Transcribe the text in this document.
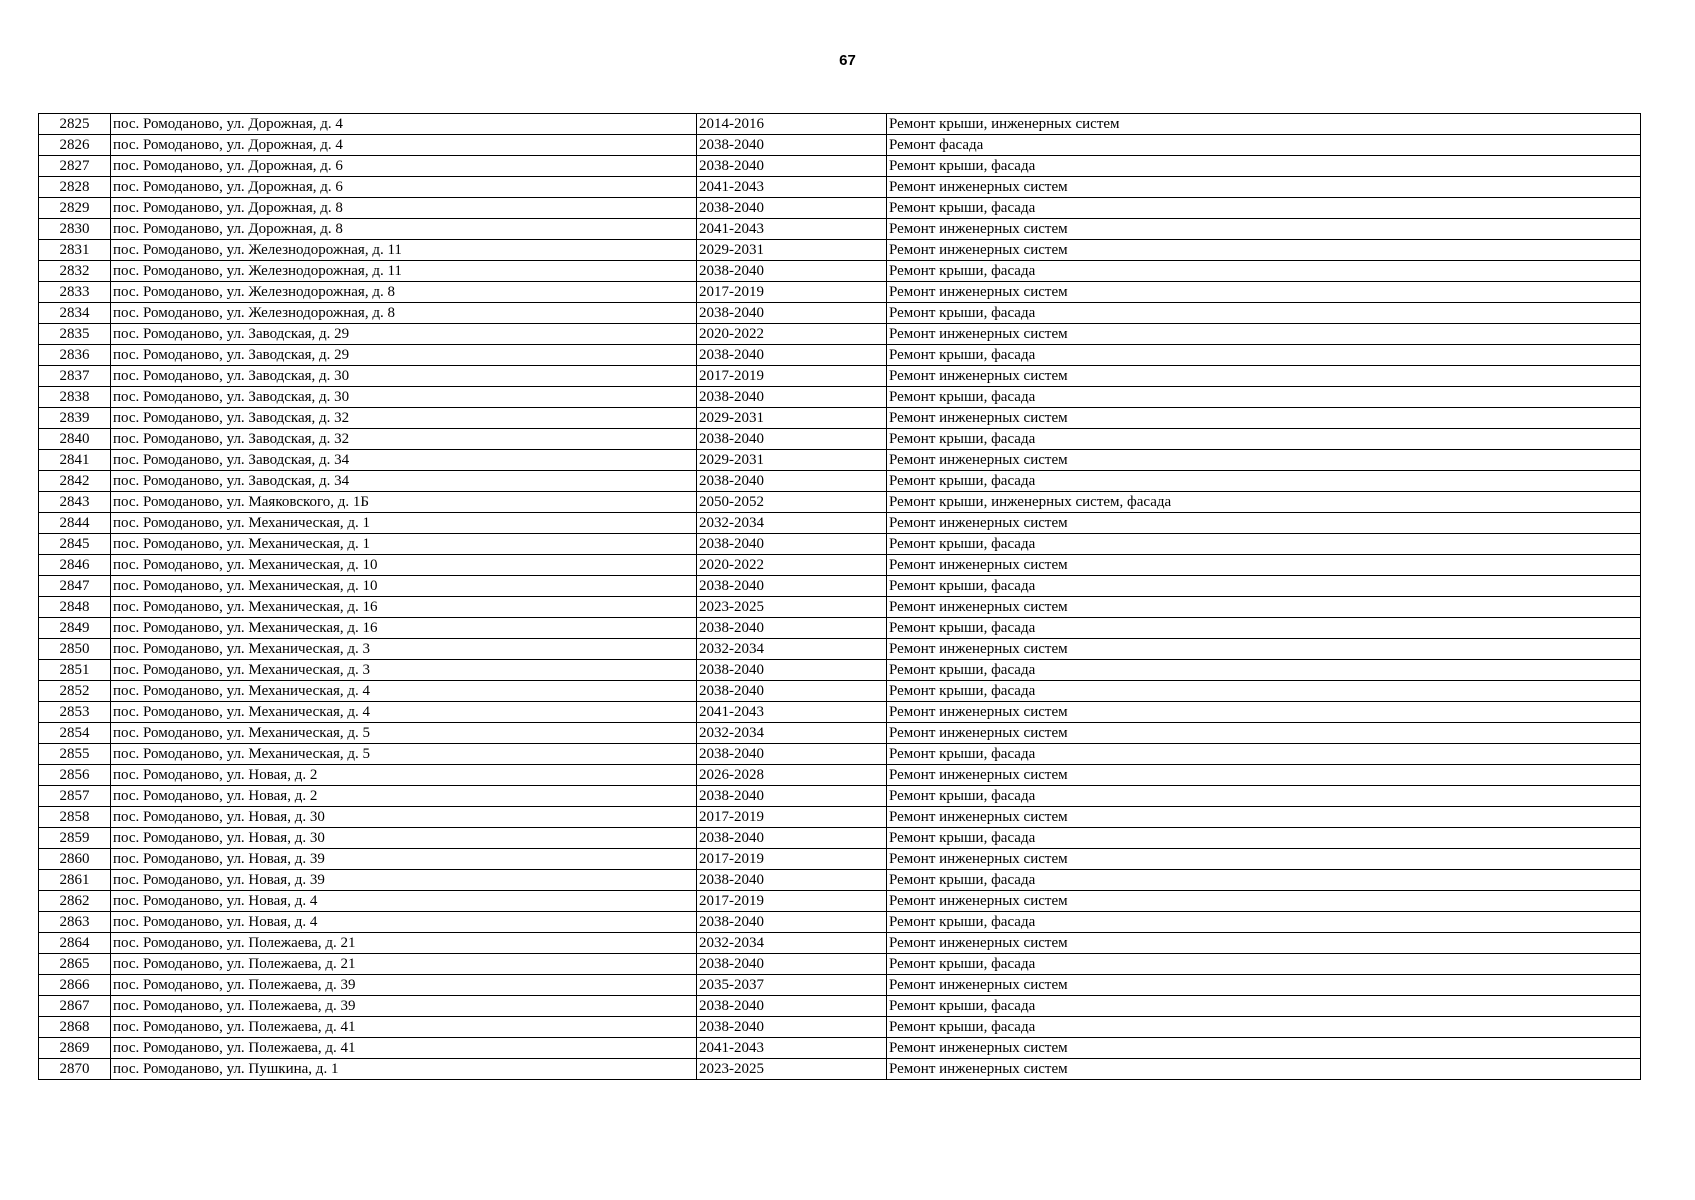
67
2825	пос. Ромоданово, ул. Дорожная, д. 4	2014-2016	Ремонт крыши, инженерных систем
2826	пос. Ромоданово, ул. Дорожная, д. 4	2038-2040	Ремонт фасада
2827	пос. Ромоданово, ул. Дорожная, д. 6	2038-2040	Ремонт крыши, фасада
2828	пос. Ромоданово, ул. Дорожная, д. 6	2041-2043	Ремонт инженерных систем
2829	пос. Ромоданово, ул. Дорожная, д. 8	2038-2040	Ремонт крыши, фасада
2830	пос. Ромоданово, ул. Дорожная, д. 8	2041-2043	Ремонт инженерных систем
2831	пос. Ромоданово, ул. Железнодорожная, д. 11	2029-2031	Ремонт инженерных систем
2832	пос. Ромоданово, ул. Железнодорожная, д. 11	2038-2040	Ремонт крыши, фасада
2833	пос. Ромоданово, ул. Железнодорожная, д. 8	2017-2019	Ремонт инженерных систем
2834	пос. Ромоданово, ул. Железнодорожная, д. 8	2038-2040	Ремонт крыши, фасада
2835	пос. Ромоданово, ул. Заводская, д. 29	2020-2022	Ремонт инженерных систем
2836	пос. Ромоданово, ул. Заводская, д. 29	2038-2040	Ремонт крыши, фасада
2837	пос. Ромоданово, ул. Заводская, д. 30	2017-2019	Ремонт инженерных систем
2838	пос. Ромоданово, ул. Заводская, д. 30	2038-2040	Ремонт крыши, фасада
2839	пос. Ромоданово, ул. Заводская, д. 32	2029-2031	Ремонт инженерных систем
2840	пос. Ромоданово, ул. Заводская, д. 32	2038-2040	Ремонт крыши, фасада
2841	пос. Ромоданово, ул. Заводская, д. 34	2029-2031	Ремонт инженерных систем
2842	пос. Ромоданово, ул. Заводская, д. 34	2038-2040	Ремонт крыши, фасада
2843	пос. Ромоданово, ул. Маяковского, д. 1Б	2050-2052	Ремонт крыши, инженерных систем, фасада
2844	пос. Ромоданово, ул. Механическая, д. 1	2032-2034	Ремонт инженерных систем
2845	пос. Ромоданово, ул. Механическая, д. 1	2038-2040	Ремонт крыши, фасада
2846	пос. Ромоданово, ул. Механическая, д. 10	2020-2022	Ремонт инженерных систем
2847	пос. Ромоданово, ул. Механическая, д. 10	2038-2040	Ремонт крыши, фасада
2848	пос. Ромоданово, ул. Механическая, д. 16	2023-2025	Ремонт инженерных систем
2849	пос. Ромоданово, ул. Механическая, д. 16	2038-2040	Ремонт крыши, фасада
2850	пос. Ромоданово, ул. Механическая, д. 3	2032-2034	Ремонт инженерных систем
2851	пос. Ромоданово, ул. Механическая, д. 3	2038-2040	Ремонт крыши, фасада
2852	пос. Ромоданово, ул. Механическая, д. 4	2038-2040	Ремонт крыши, фасада
2853	пос. Ромоданово, ул. Механическая, д. 4	2041-2043	Ремонт инженерных систем
2854	пос. Ромоданово, ул. Механическая, д. 5	2032-2034	Ремонт инженерных систем
2855	пос. Ромоданово, ул. Механическая, д. 5	2038-2040	Ремонт крыши, фасада
2856	пос. Ромоданово, ул. Новая, д. 2	2026-2028	Ремонт инженерных систем
2857	пос. Ромоданово, ул. Новая, д. 2	2038-2040	Ремонт крыши, фасада
2858	пос. Ромоданово, ул. Новая, д. 30	2017-2019	Ремонт инженерных систем
2859	пос. Ромоданово, ул. Новая, д. 30	2038-2040	Ремонт крыши, фасада
2860	пос. Ромоданово, ул. Новая, д. 39	2017-2019	Ремонт инженерных систем
2861	пос. Ромоданово, ул. Новая, д. 39	2038-2040	Ремонт крыши, фасада
2862	пос. Ромоданово, ул. Новая, д. 4	2017-2019	Ремонт инженерных систем
2863	пос. Ромоданово, ул. Новая, д. 4	2038-2040	Ремонт крыши, фасада
2864	пос. Ромоданово, ул. Полежаева, д. 21	2032-2034	Ремонт инженерных систем
2865	пос. Ромоданово, ул. Полежаева, д. 21	2038-2040	Ремонт крыши, фасада
2866	пос. Ромоданово, ул. Полежаева, д. 39	2035-2037	Ремонт инженерных систем
2867	пос. Ромоданово, ул. Полежаева, д. 39	2038-2040	Ремонт крыши, фасада
2868	пос. Ромоданово, ул. Полежаева, д. 41	2038-2040	Ремонт крыши, фасада
2869	пос. Ромоданово, ул. Полежаева, д. 41	2041-2043	Ремонт инженерных систем
2870	пос. Ромоданово, ул. Пушкина, д. 1	2023-2025	Ремонт инженерных систем
